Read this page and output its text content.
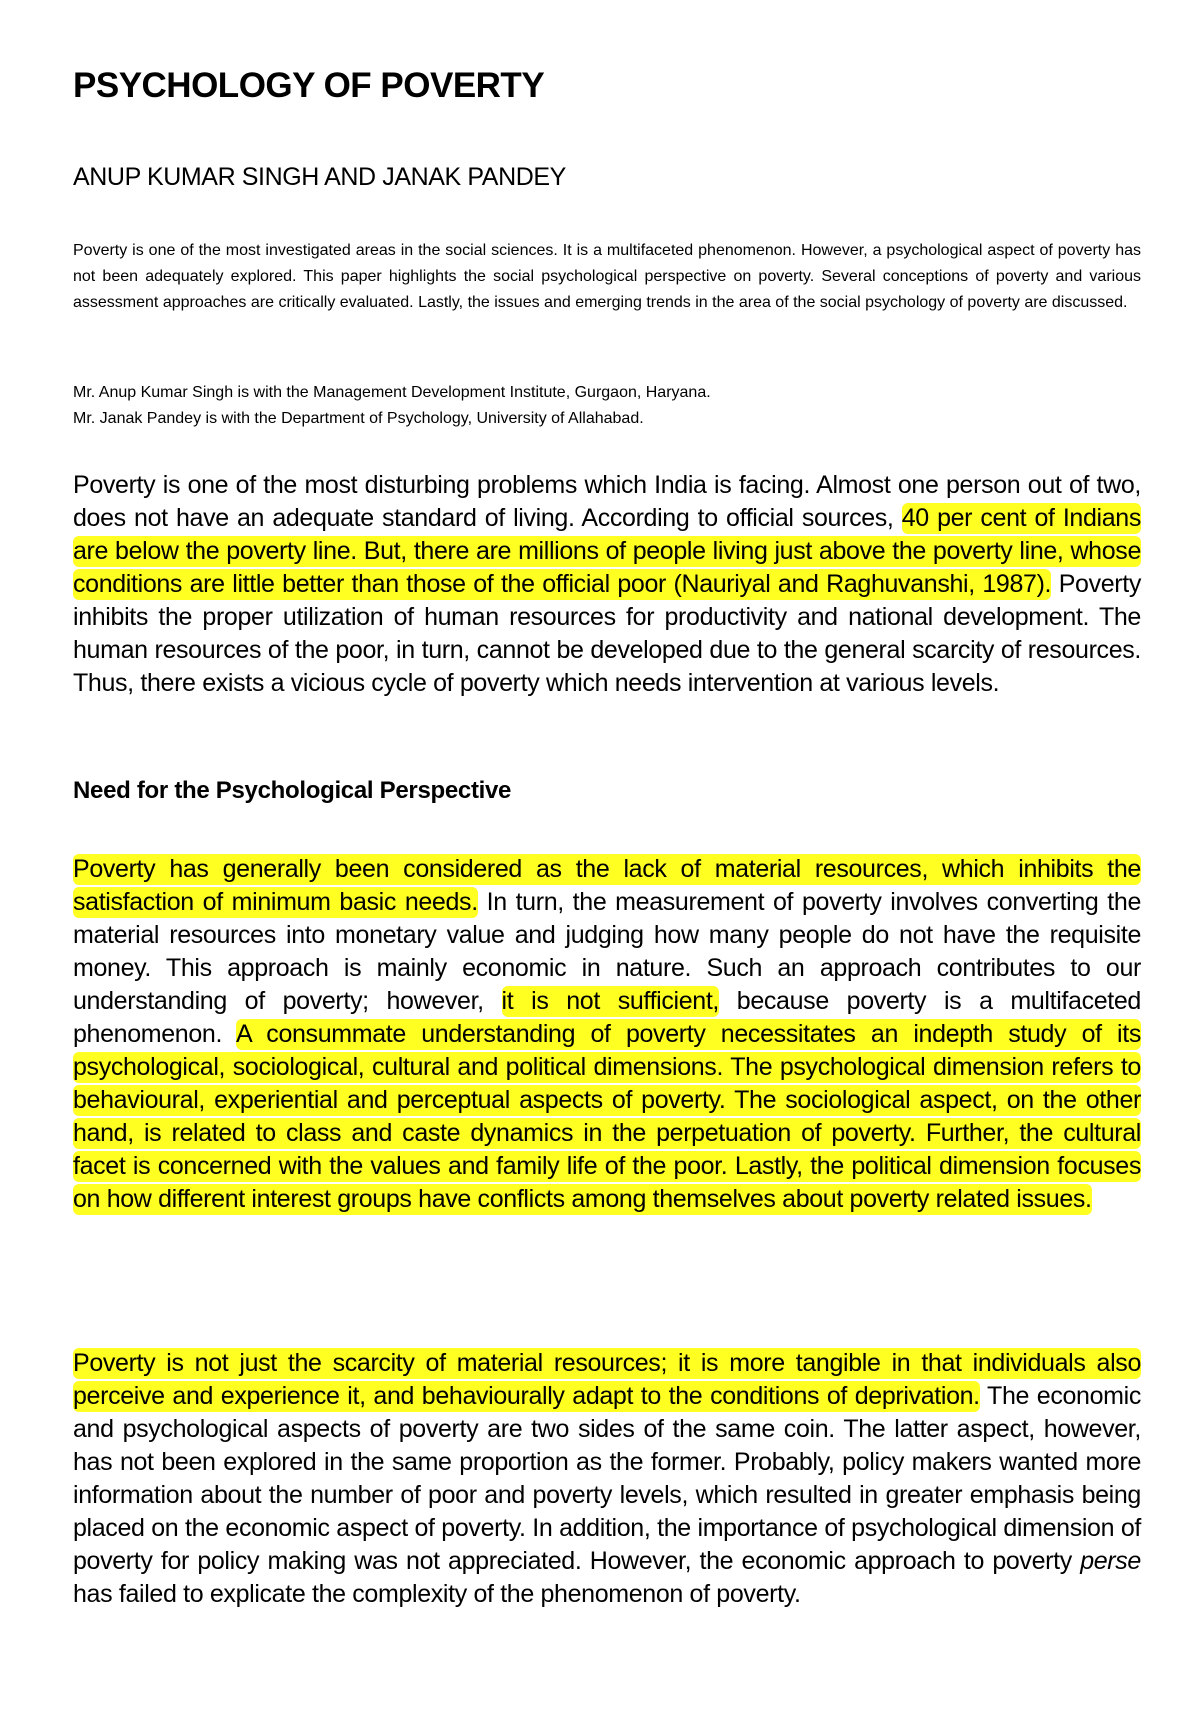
PSYCHOLOGY OF POVERTY
ANUP KUMAR SINGH AND JANAK PANDEY

Poverty is one of the most investigated areas in the social sciences. It is a multifaceted phenomenon. However, a psychological aspect of poverty has not been adequately explored. This paper highlights the social psychological perspective on poverty. Several conceptions of poverty and various assessment approaches are critically evaluated. Lastly, the issues and emerging trends in the area of the social psychology of poverty are discussed.

Mr. Anup Kumar Singh is with the Management Development Institute, Gurgaon, Haryana.

Mr. Janak Pandey is with the Department of Psychology, University of Allahabad.

Poverty is one of the most disturbing problems which India is facing. Almost one person out of two, does not have an adequate standard of living. According to official sources, 40 per cent of Indians are below the poverty line. But, there are millions of people living just above the poverty line, whose conditions are little better than those of the official poor (Nauriyal and Raghuvanshi, 1987). Poverty inhibits the proper utilization of human resources for productivity and national development. The human resources of the poor, in turn, cannot be developed due to the general scarcity of resources. Thus, there exists a vicious cycle of poverty which needs intervention at various levels.

Need for the Psychological Perspective

Poverty has generally been considered as the lack of material resources, which inhibits the satisfaction of minimum basic needs. In turn, the measurement of poverty involves converting the material resources into monetary value and judging how many people do not have the requisite money. This approach is mainly economic in nature. Such an approach contributes to our understanding of poverty; however, it is not sufficient, because poverty is a multifaceted phenomenon. A consummate understanding of poverty necessitates an indepth study of its psychological, sociological, cultural and political dimensions. The psychological dimension refers to behavioural, experiential and perceptual aspects of poverty. The sociological aspect, on the other hand, is related to class and caste dynamics in the perpetuation of poverty. Further, the cultural facet is concerned with the values and family life of the poor. Lastly, the political dimension focuses on how different interest groups have conflicts among themselves about poverty related issues.

Poverty is not just the scarcity of material resources; it is more tangible in that individuals also perceive and experience it, and behaviourally adapt to the conditions of deprivation. The economic and psychological aspects of poverty are two sides of the same coin. The latter aspect, however, has not been explored in the same proportion as the former. Probably, policy makers wanted more information about the number of poor and poverty levels, which resulted in greater emphasis being placed on the economic aspect of poverty. In addition, the importance of psychological dimension of poverty for policy making was not appreciated. However, the economic approach to poverty perse has failed to explicate the complexity of the phenomenon of poverty.
